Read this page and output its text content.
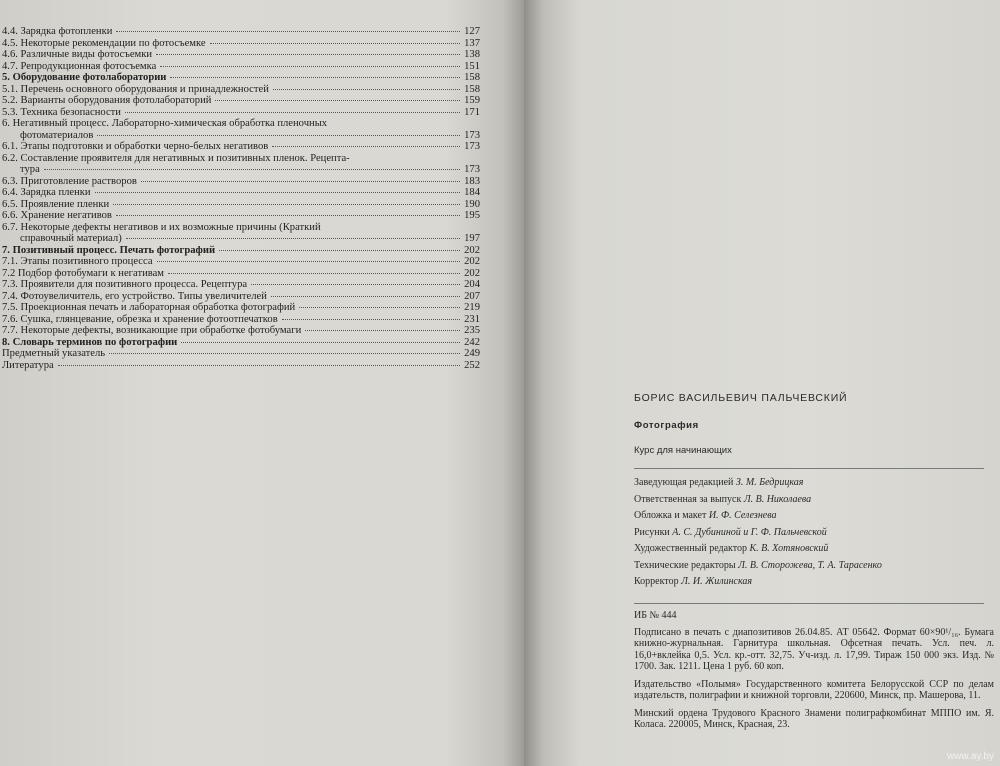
4.4. Зарядка фотопленки	127
4.5. Некоторые рекомендации по фотосъемке	137
4.6. Различные виды фотосъемки	138
4.7. Репродукционная фотосъемка	151
5. Оборудование фотолаборатории	158
5.1. Перечень основного оборудования и принадлежностей	158
5.2. Варианты оборудования фотолабораторий	159
5.3. Техника безопасности	171
6. Негативный процесс. Лабораторно-химическая обработка пленочных
фотоматериалов	173
6.1. Этапы подготовки и обработки черно-белых негативов	173
6.2. Составление проявителя для негативных и позитивных пленок. Рецепта-
тура	173
6.3. Приготовление растворов	183
6.4. Зарядка пленки	184
6.5. Проявление пленки	190
6.6. Хранение негативов	195
6.7. Некоторые дефекты негативов и их возможные причины (Краткий
справочный материал)	197
7. Позитивный процесс. Печать фотографий	202
7.1. Этапы позитивного процесса	202
7.2 Подбор фотобумаги к негативам	202
7.3. Проявители для позитивного процесса. Рецептура	204
7.4. Фотоувеличитель, его устройство. Типы увеличителей	207
7.5. Проекционная печать и лабораторная обработка фотографий	219
7.6. Сушка, глянцевание, обрезка и хранение фотоотпечатков	231
7.7. Некоторые дефекты, возникающие при обработке фотобумаги	235
8. Словарь терминов по фотографии	242
Предметный указатель	249
Литература	252
БОРИС ВАСИЛЬЕВИЧ ПАЛЬЧЕВСКИЙ
Фотография
Курс для начинающих
Заведующая редакцией З. М. Бедрицкая
Ответственная за выпуск Л. В. Николаева
Обложка и макет И. Ф. Селезнева
Рисунки А. С. Дубининой и Г. Ф. Пальчевской
Художественный редактор К. В. Хотяновский
Технические редакторы Л. В. Сторожева, Т. А. Тарасенко
Корректор Л. И. Жилинская
ИБ № 444

Подписано в печать с диапозитивов 26.04.85. АТ 05642. Формат 60×90¹/₁₆. Бумага книжно-журнальная. Гарнитура школьная. Офсетная печать. Усл. печ. л. 16,0+вклейка 0,5. Усл. кр.-отт. 32,75. Уч-изд. л. 17,99. Тираж 150 000 экз. Изд. № 1700. Зак. 1211. Цена 1 руб. 60 коп.

Издательство «Полымя» Государственного комитета Белорусской ССР по делам издательств, полиграфии и книжной торговли, 220600, Минск, пр. Машерова, 11.

Минский ордена Трудового Красного Знамени полиграфкомбинат МППО им. Я. Коласа. 220005, Минск, Красная, 23.

www.ay.by
